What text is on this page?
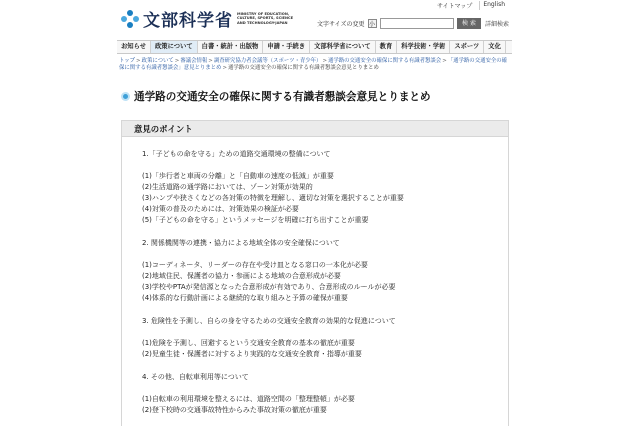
サイトマップ	English
文部科学省 MINISTRY OF EDUCATION, CULTURE, SPORTS, SCIENCE AND TECHNOLOGY-JAPAN	文字サイズの変更 小	検 索	詳細検索
お知らせ	政策について	白書・統計・出版物	申請・手続き	文部科学省について	教育	科学技術・学術	スポーツ	文化
トップ>政策について>審議会情報>調査研究協力者会議等（スポーツ・青少年）>通学路の交通安全の確保に関する有識者懇談会>「通学路の交通安全の確保に関する有識者懇談会」意見とりまとめ>通学路の交通安全の確保に関する有識者懇談会意見とりまとめ
通学路の交通安全の確保に関する有識者懇談会意見とりまとめ
意見のポイント
1.「子どもの命を守る」ための道路交通環境の整備について
(1)「歩行者と車両の分離」と「自動車の速度の低減」が重要
(2)生活道路の通学路においては、ゾーン対策が効果的
(3)ハンプや狭さくなどの各対策の特徴を理解し、適切な対策を選択することが重要
(4)対策の普及のためには、対策効果の検証が必要
(5)「子どもの命を守る」というメッセージを明確に打ち出すことが重要
2. 関係機関等の連携・協力による地域全体の安全確保について
(1)コーディネータ、リーダーの存在や受け皿となる窓口の一本化が必要
(2)地域住民、保護者の協力・参画による地域の合意形成が必要
(3)学校やPTAが発信源となった合意形成が有効であり、合意形成のルールが必要
(4)体系的な行動計画による継続的な取り組みと予算の確保が重要
3. 危険性を予測し、自らの身を守るための交通安全教育の効果的な促進について
(1)危険を予測し、回避するという交通安全教育の基本の徹底が重要
(2)児童生徒・保護者に対するより実践的な交通安全教育・指導が重要
4. その他、自転車利用等について
(1)自転車の利用環境を整えるには、道路空間の「整理整頓」が必要
(2)登下校時の交通事故特性からみた事故対策の徹底が重要
